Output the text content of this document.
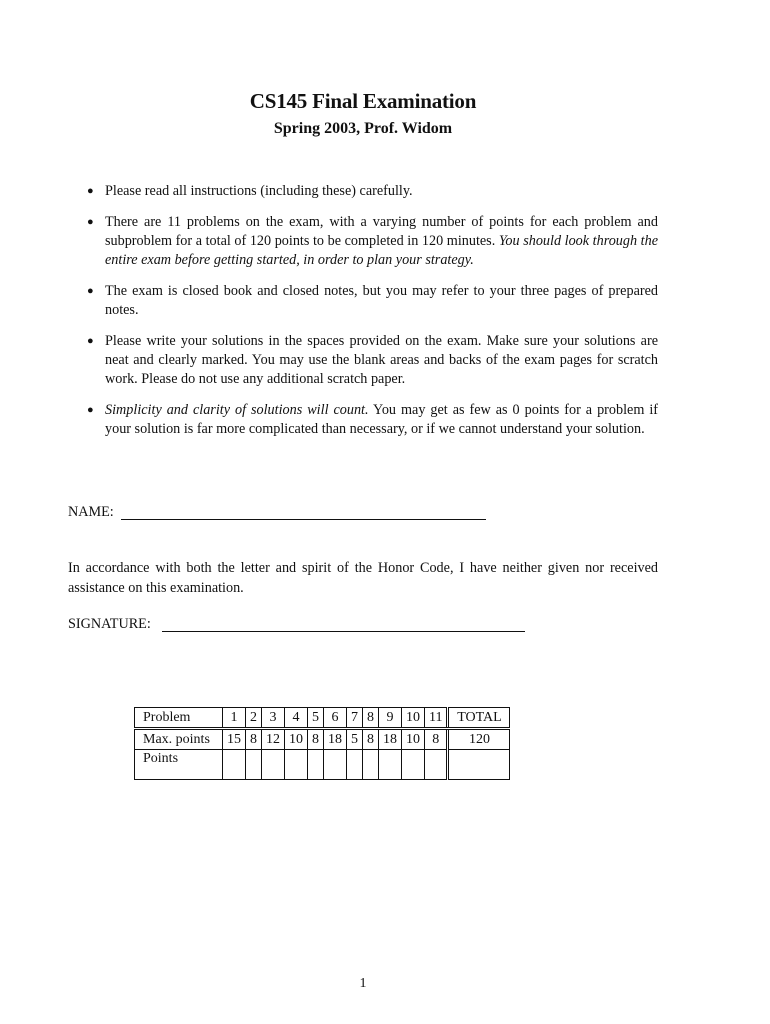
CS145 Final Examination
Spring 2003, Prof. Widom
● Please read all instructions (including these) carefully.
● There are 11 problems on the exam, with a varying number of points for each problem and subproblem for a total of 120 points to be completed in 120 minutes. You should look through the entire exam before getting started, in order to plan your strategy.
● The exam is closed book and closed notes, but you may refer to your three pages of prepared notes.
● Please write your solutions in the spaces provided on the exam. Make sure your solutions are neat and clearly marked. You may use the blank areas and backs of the exam pages for scratch work. Please do not use any additional scratch paper.
● Simplicity and clarity of solutions will count. You may get as few as 0 points for a problem if your solution is far more complicated than necessary, or if we cannot understand your solution.
NAME:
In accordance with both the letter and spirit of the Honor Code, I have neither given nor received assistance on this examination.
SIGNATURE:
Problem	1	2	3	4	5	6	7	8	9	10	11	TOTAL
Max. points	15	8	12	10	8	18	5	8	18	10	8	120
Points												
1
